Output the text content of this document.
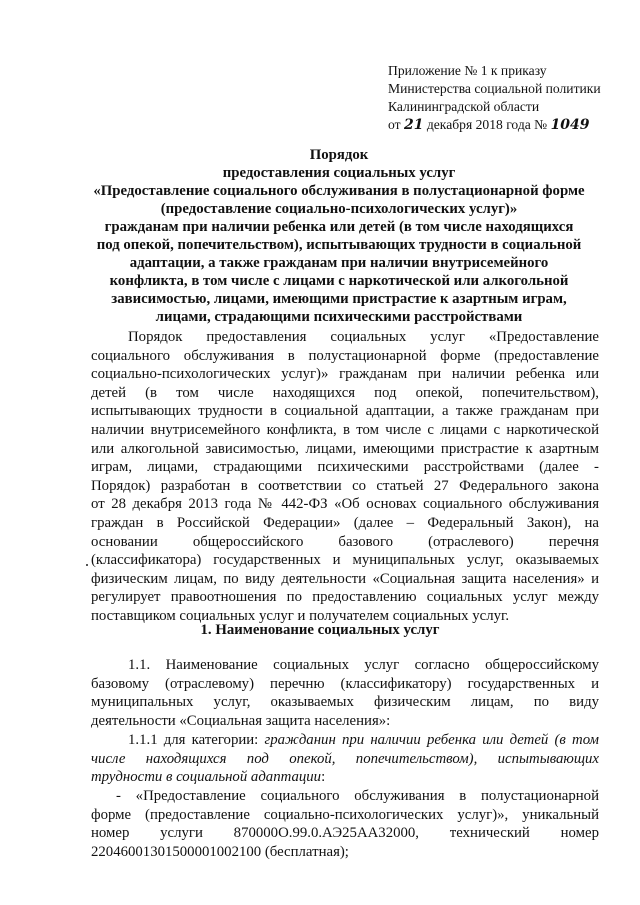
Приложение № 1 к приказу
Министерства социальной политики
Калининградской области
от 21 декабря 2018 года № 1049
Порядок
предоставления социальных услуг
«Предоставление социального обслуживания в полустационарной форме
(предоставление социально-психологических услуг)»
гражданам при наличии ребенка или детей (в том числе находящихся
под опекой, попечительством), испытывающих трудности в социальной
адаптации, а также гражданам при наличии внутрисемейного
конфликта, в том числе с лицами с наркотической или алкогольной
зависимостью, лицами, имеющими пристрастие к азартным играм,
лицами, страдающими психическими расстройствами
Порядок предоставления социальных услуг «Предоставление
социального обслуживания в полустационарной форме (предоставление
социально-психологических услуг)» гражданам при наличии ребенка или
детей (в том числе находящихся под опекой, попечительством),
испытывающих трудности в социальной адаптации, а также гражданам при
наличии внутрисемейного конфликта, в том числе с лицами с наркотической
или алкогольной зависимостью, лицами, имеющими пристрастие к азартным
играм, лицами, страдающими психическими расстройствами (далее -
Порядок) разработан в соответствии со статьей 27 Федерального закона
от 28 декабря 2013 года № 442-ФЗ «Об основах социального обслуживания
граждан в Российской Федерации» (далее – Федеральный Закон), на
основании общероссийского базового (отраслевого) перечня
(классификатора) государственных и муниципальных услуг, оказываемых
физическим лицам, по виду деятельности «Социальная защита населения» и
регулирует правоотношения по предоставлению социальных услуг между
поставщиком социальных услуг и получателем социальных услуг.
1. Наименование социальных услуг
1.1. Наименование социальных услуг согласно общероссийскому
базовому (отраслевому) перечню (классификатору) государственных и
муниципальных услуг, оказываемых физическим лицам, по виду
деятельности «Социальная защита населения»:
1.1.1 для категории: гражданин при наличии ребенка или детей (в том
числе находящихся под опекой, попечительством), испытывающих
трудности в социальной адаптации:
- «Предоставление социального обслуживания в полустационарной
форме (предоставление социально-психологических услуг)», уникальный
номер услуги 870000О.99.0.АЭ25АА32000, технический номер
22046001301500001002100 (бесплатная);
